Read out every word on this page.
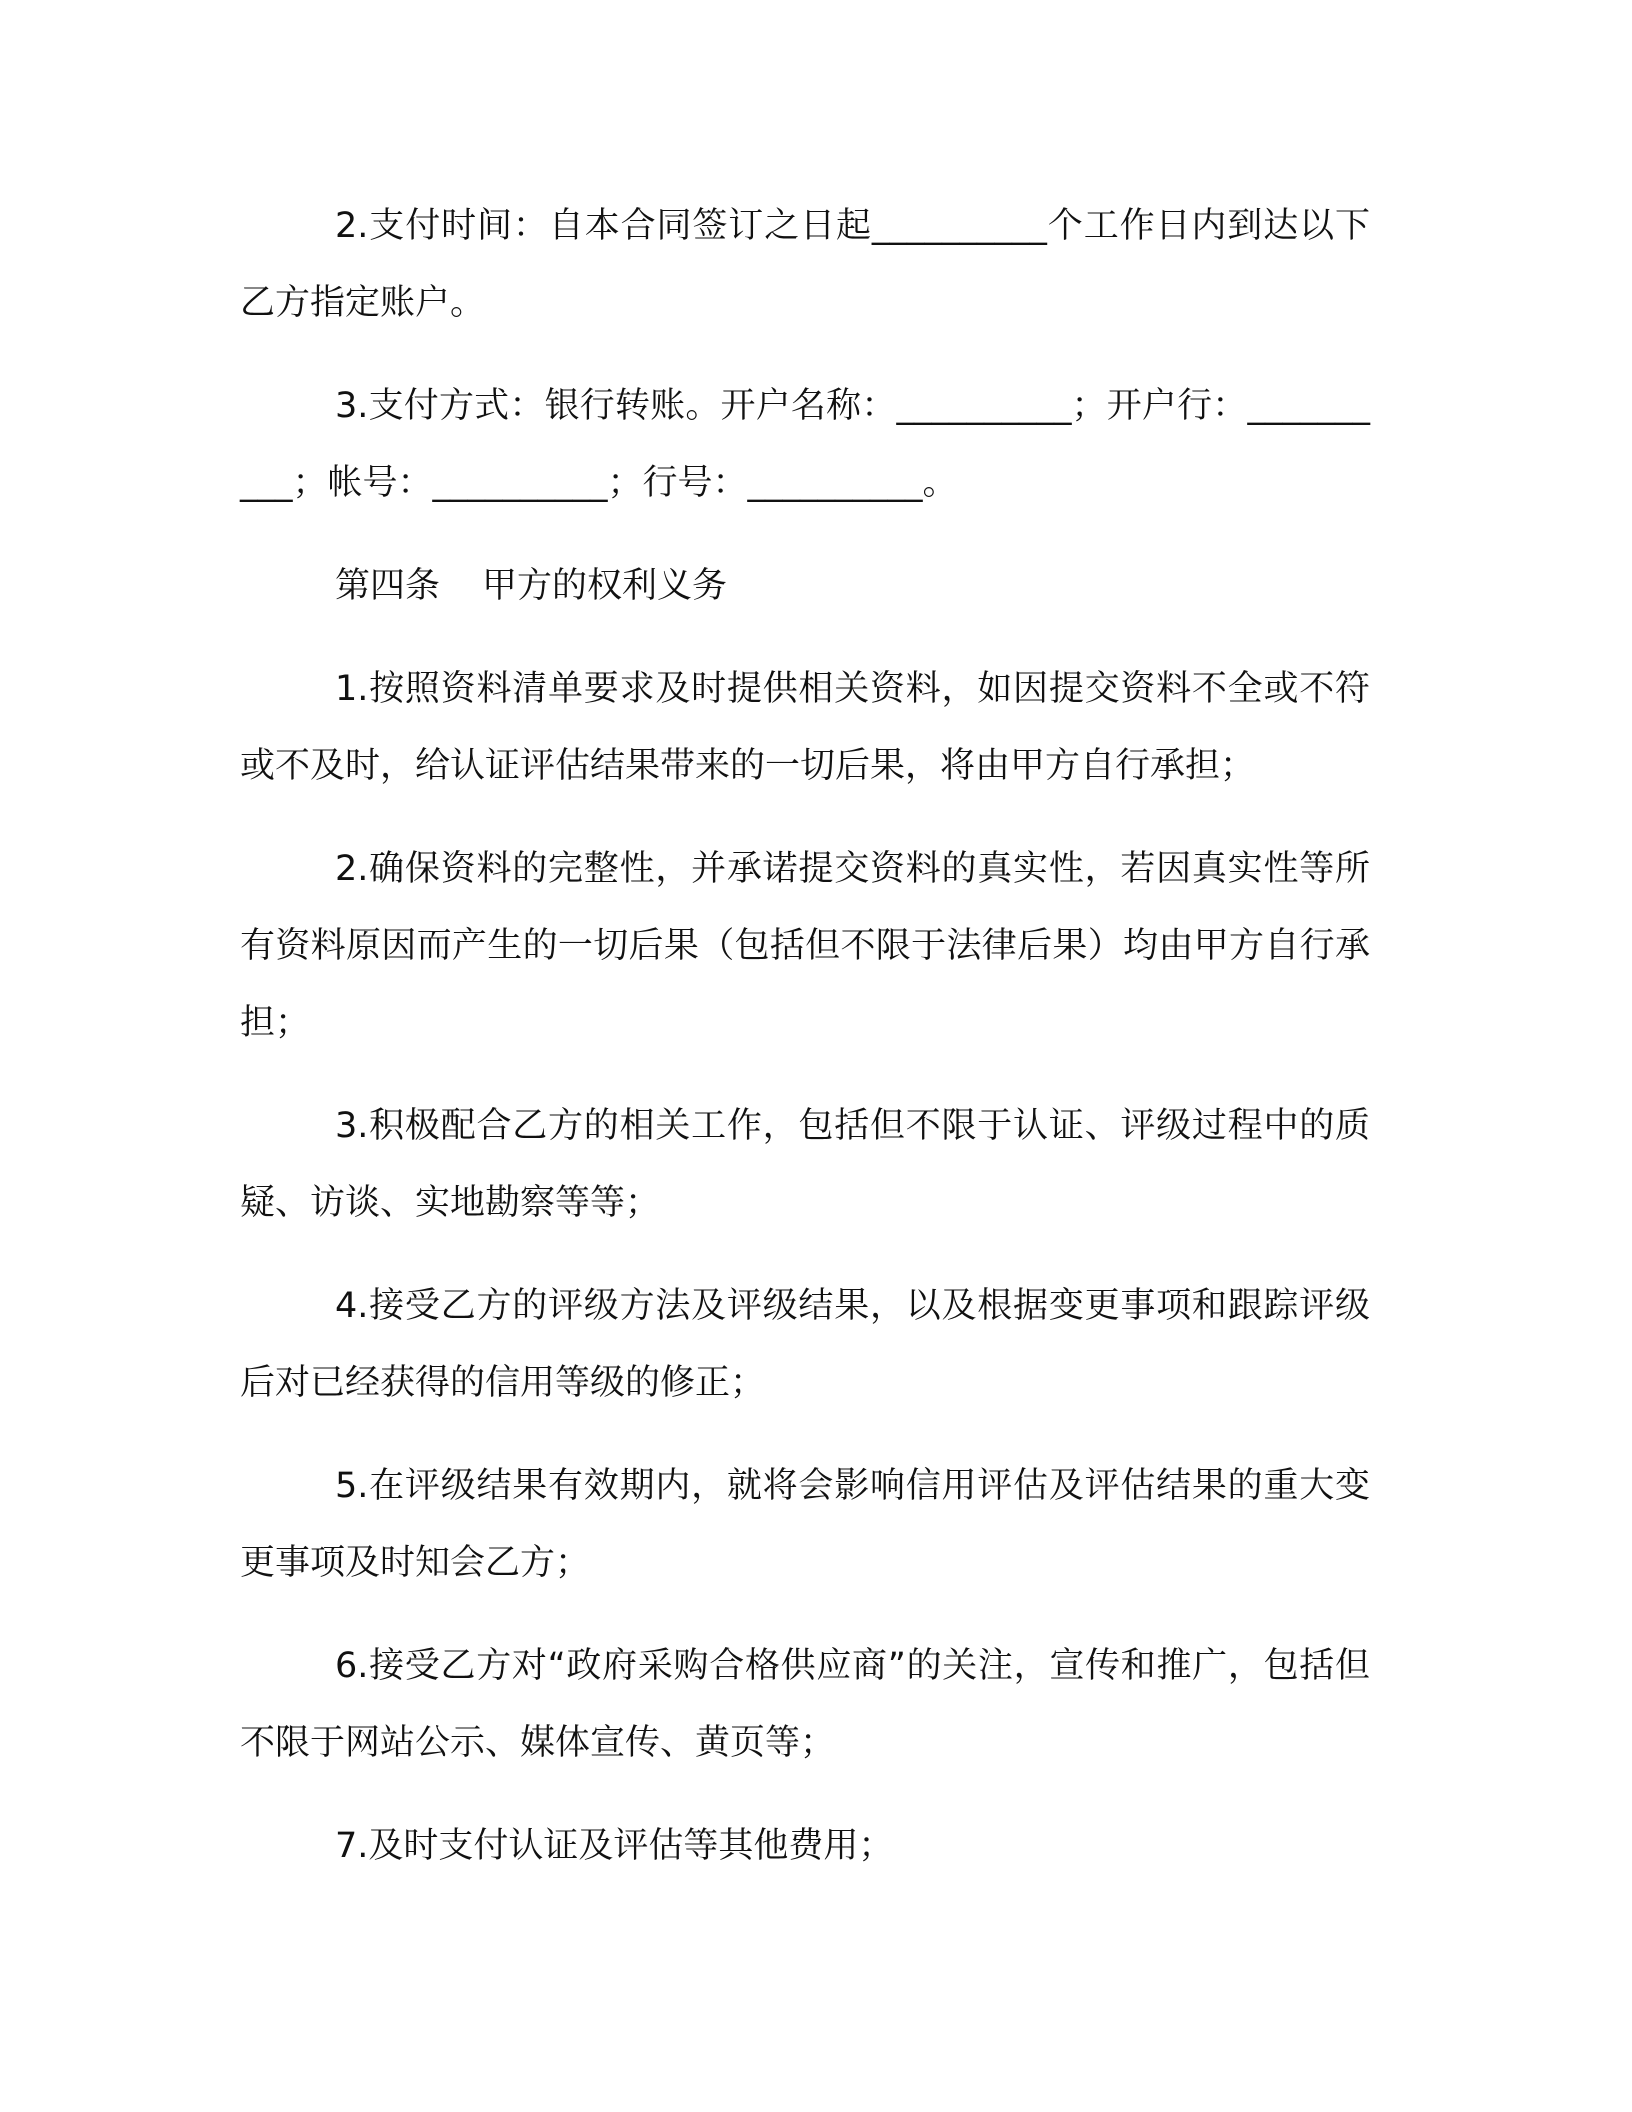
2.支付时间：自本合同签订之日起__________个工作日内到达以下乙方指定账户。

3.支付方式：银行转账。开户名称：__________；开户行：__________；帐号：__________；行号：__________。

第四条 甲方的权利义务

1.按照资料清单要求及时提供相关资料，如因提交资料不全或不符或不及时，给认证评估结果带来的一切后果，将由甲方自行承担；

2.确保资料的完整性，并承诺提交资料的真实性，若因真实性等所有资料原因而产生的一切后果（包括但不限于法律后果）均由甲方自行承担；

3.积极配合乙方的相关工作，包括但不限于认证、评级过程中的质疑、访谈、实地勘察等等；

4.接受乙方的评级方法及评级结果，以及根据变更事项和跟踪评级后对已经获得的信用等级的修正；

5.在评级结果有效期内，就将会影响信用评估及评估结果的重大变更事项及时知会乙方；

6.接受乙方对“政府采购合格供应商”的关注，宣传和推广，包括但不限于网站公示、媒体宣传、黄页等；

7.及时支付认证及评估等其他费用；
